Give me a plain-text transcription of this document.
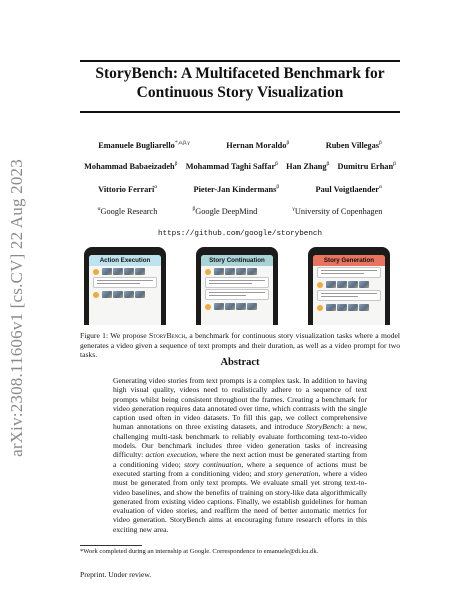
arXiv:2308.11606v1 [cs.CV] 22 Aug 2023
StoryBench: A Multifaceted Benchmark for Continuous Story Visualization
Emanuele Bugliarello$^{*,\alpha,\beta,\gamma}$	Hernan Moraldo$^\beta$	Ruben Villegas$^\beta$
Mohammad Babaeizadeh$^\beta$ Mohammad Taghi Saffar$^\beta$ Han Zhang$^\beta$ Dumitru Erhan$^\beta$
Vittorio Ferrari$^\alpha$	Pieter-Jan Kindermans$^\beta$	Paul Voigtlaender$^\alpha$
$^\alpha$Google Research	$^\beta$Google DeepMind	$^\gamma$University of Copenhagen
https://github.com/google/storybench
Action Execution	Story Continuation	Story Generation
Figure 1: We propose StoryBench, a benchmark for continuous story visualization tasks where a model generates a video given a sequence of text prompts and their duration, as well as a video prompt for two tasks.
Abstract
Generating video stories from text prompts is a complex task. In addition to having high visual quality, videos need to realistically adhere to a sequence of text prompts whilst being consistent throughout the frames. Creating a benchmark for video generation requires data annotated over time, which contrasts with the single caption used often in video datasets. To fill this gap, we collect comprehensive human annotations on three existing datasets, and introduce StoryBench: a new, challenging multi-task benchmark to reliably evaluate forthcoming text-to-video models. Our benchmark includes three video generation tasks of increasing difficulty: action execution, where the next action must be generated starting from a conditioning video; story continuation, where a sequence of actions must be executed starting from a conditioning video; and story generation, where a video must be generated from only text prompts. We evaluate small yet strong text-to-video baselines, and show the benefits of training on story-like data algorithmically generated from existing video captions. Finally, we establish guidelines for human evaluation of video stories, and reaffirm the need of better automatic metrics for video generation. StoryBench aims at encouraging future research efforts in this exciting new area.
*Work completed during an internship at Google. Correspondence to emanuele@di.ku.dk.
Preprint. Under review.
